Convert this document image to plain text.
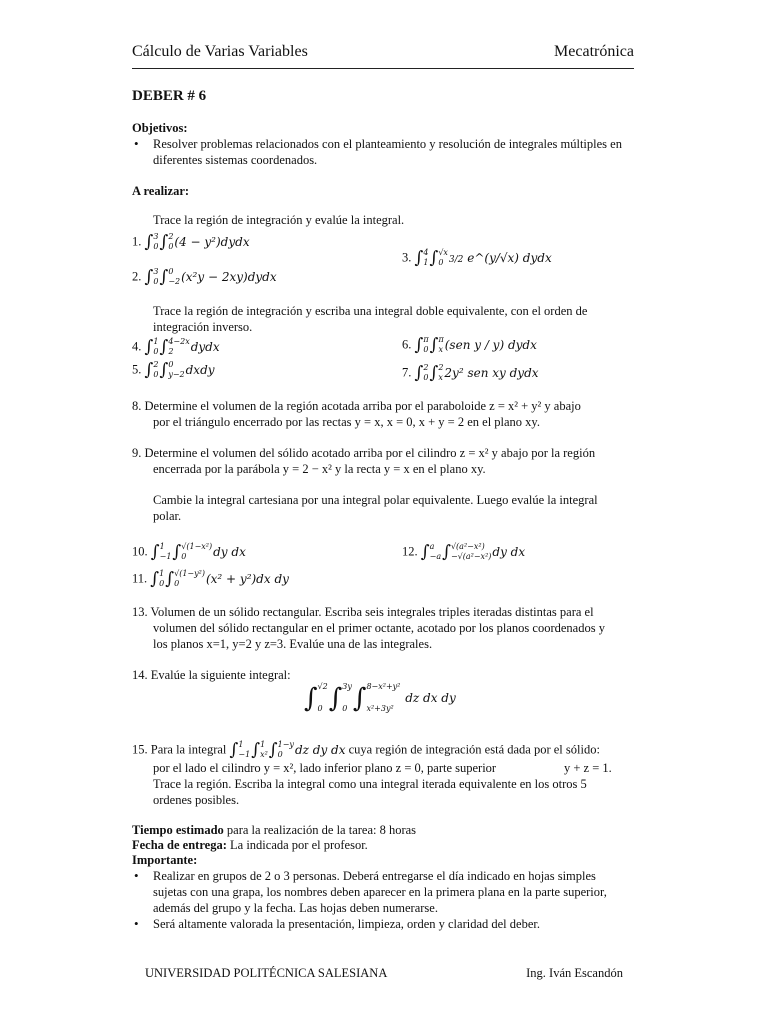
Cálculo de Varias Variables	Mecatrónica
DEBER # 6
Objetivos:
• Resolver problemas relacionados con el planteamiento y resolución de integrales múltiples en diferentes sistemas coordenados.
A realizar:
Trace la región de integración y evalúe la integral.
1. ∫ 3
0 ∫ 2
0 (4 − y²)dydx
3. ∫ 4
1 ∫ √x
0 3/2 e^(y/√x) dydx
2. ∫ 3
0 ∫ 0
−2 (x²y − 2xy)dydx
Trace la región de integración y escriba una integral doble equivalente, con el orden de integración inverso.
4. ∫ 1
0 ∫ 4−2x
2	dydx	6. ∫ π
0 ∫ π
x (sen y / y) dydx
5. ∫ 2
0 ∫ 0
y−2 dxdy	7. ∫ 2
0 ∫ 2
x 2y² sen xy dydx
8. Determine el volumen de la región acotada arriba por el paraboloide z = x² + y² y abajo
por el triángulo encerrado por las rectas y = x, x = 0, x + y = 2 en el plano xy.
9. Determine el volumen del sólido acotado arriba por el cilindro z = x² y abajo por la región
encerrada por la parábola y = 2 − x² y la recta y = x en el plano xy.
Cambie la integral cartesiana por una integral polar equivalente. Luego evalúe la integral
polar.
10. ∫ 1
−1 ∫ √(1−x²)
0	dy dx	12. ∫ a
−a ∫ √(a²−x²)
−√(a²−x²) dy dx
11. ∫ 1
0 ∫ √(1−y²)
0	(x² + y²)dx dy
13. Volumen de un sólido rectangular. Escriba seis integrales triples iteradas distintas para el
volumen del sólido rectangular en el primer octante, acotado por los planos coordenados y
los planos x=1, y=2 y z=3. Evalúe una de las integrales.
14. Evalúe la siguiente integral:
∫ √2
0 ∫ 3y
0 ∫ 8−x²+y²
x²+3y²
dz dx dy
15. Para la integral ∫ 1
−1 ∫ 1
x² ∫ 1−y
0	dz dy dx cuya región de integración está dada por el sólido:
por el lado el cilindro y = x², lado inferior plano z = 0, parte superior	y + z = 1.
Trace la región. Escriba la integral como una integral iterada equivalente en los otros 5
ordenes posibles.
Tiempo estimado para la realización de la tarea: 8 horas
Fecha de entrega: La indicada por el profesor.
Importante:
• Realizar en grupos de 2 o 3 personas. Deberá entregarse el día indicado en hojas simples
sujetas con una grapa, los nombres deben aparecer en la primera plana en la parte superior,
además del grupo y la fecha. Las hojas deben numerarse.
• Será altamente valorada la presentación, limpieza, orden y claridad del deber.
UNIVERSIDAD POLITÉCNICA SALESIANA	Ing. Iván Escandón
